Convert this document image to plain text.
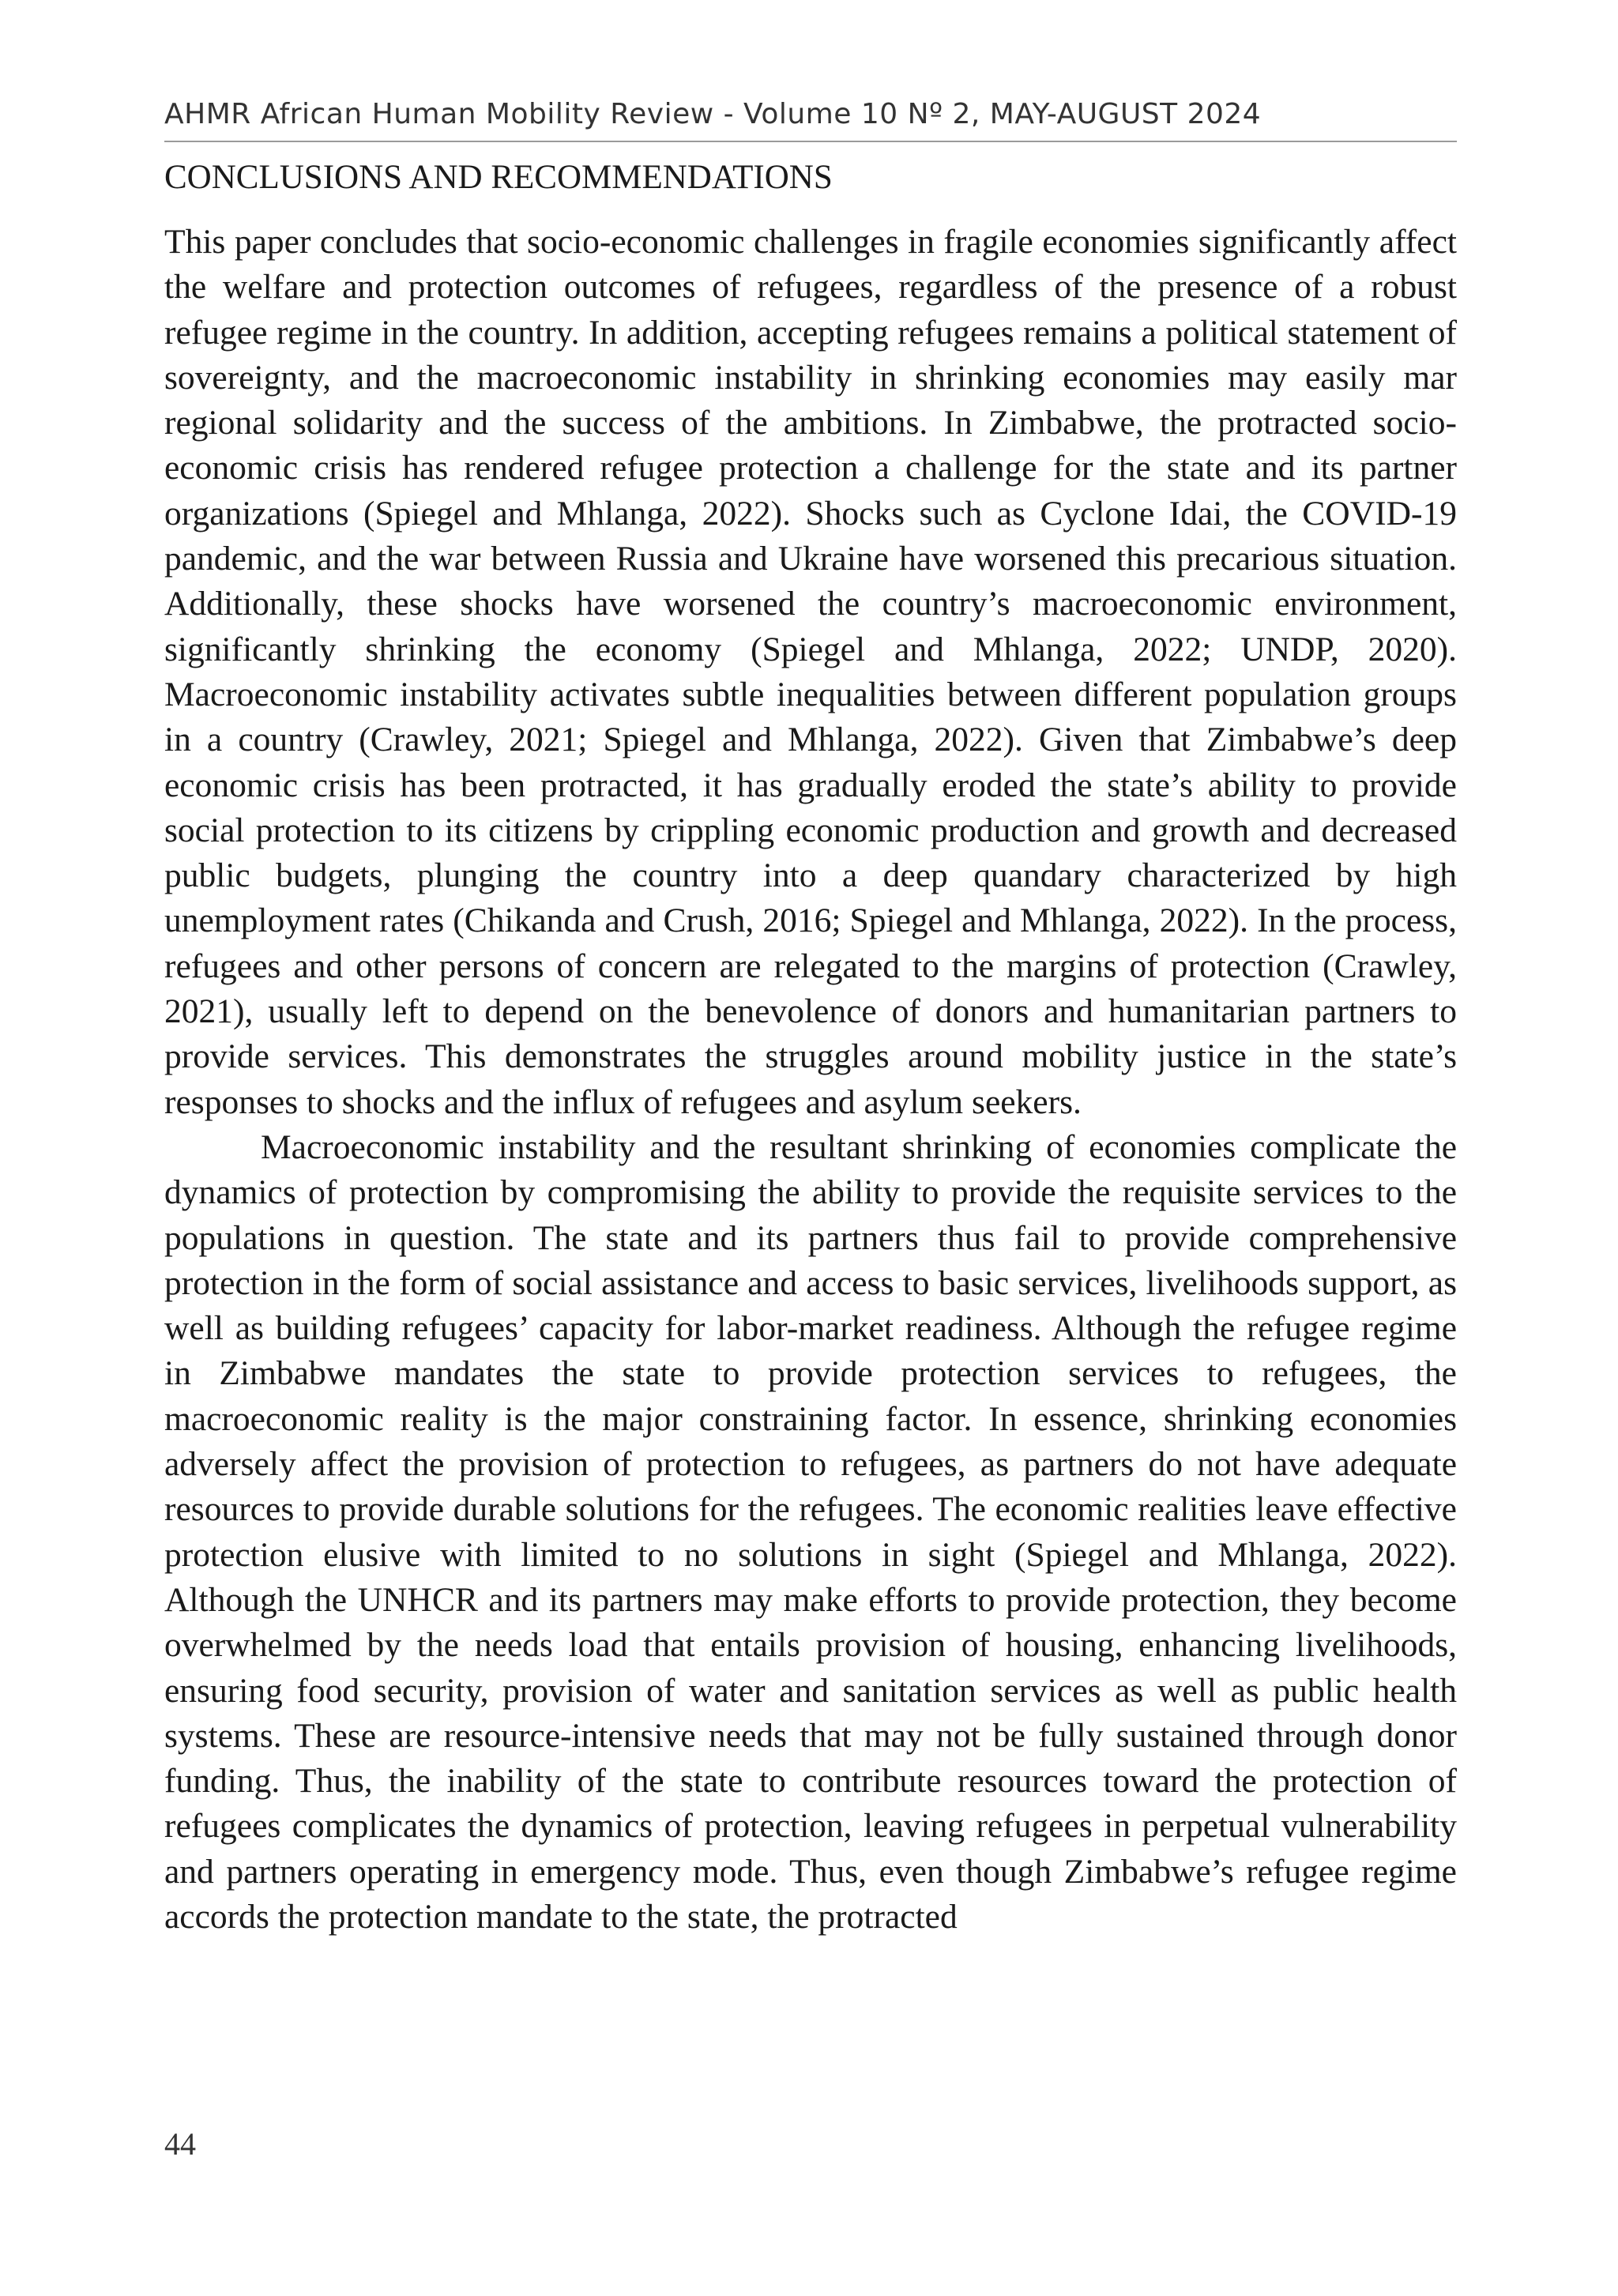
AHMR African Human Mobility Review - Volume 10 Nº 2, MAY-AUGUST 2024
CONCLUSIONS AND RECOMMENDATIONS

This paper concludes that socio-economic challenges in fragile economies significantly affect the welfare and protection outcomes of refugees, regardless of the presence of a robust refugee regime in the country. In addition, accepting refugees remains a political statement of sovereignty, and the macroeconomic instability in shrinking economies may easily mar regional solidarity and the success of the ambitions. In Zimbabwe, the protracted socio-economic crisis has rendered refugee protection a challenge for the state and its partner organizations (Spiegel and Mhlanga, 2022). Shocks such as Cyclone Idai, the COVID-19 pandemic, and the war between Russia and Ukraine have worsened this precarious situation. Additionally, these shocks have worsened the country’s macroeconomic environment, significantly shrinking the economy (Spiegel and Mhlanga, 2022; UNDP, 2020). Macroeconomic instability activates subtle inequalities between different population groups in a country (Crawley, 2021; Spiegel and Mhlanga, 2022). Given that Zimbabwe’s deep economic crisis has been protracted, it has gradually eroded the state’s ability to provide social protection to its citizens by crippling economic production and growth and decreased public budgets, plunging the country into a deep quandary characterized by high unemployment rates (Chikanda and Crush, 2016; Spiegel and Mhlanga, 2022). In the process, refugees and other persons of concern are relegated to the margins of protection (Crawley, 2021), usually left to depend on the benevolence of donors and humanitarian partners to provide services. This demonstrates the struggles around mobility justice in the state’s responses to shocks and the influx of refugees and asylum seekers.

Macroeconomic instability and the resultant shrinking of economies complicate the dynamics of protection by compromising the ability to provide the requisite services to the populations in question. The state and its partners thus fail to provide comprehensive protection in the form of social assistance and access to basic services, livelihoods support, as well as building refugees’ capacity for labor-market readiness. Although the refugee regime in Zimbabwe mandates the state to provide protection services to refugees, the macroeconomic reality is the major constraining factor. In essence, shrinking economies adversely affect the provision of protection to refugees, as partners do not have adequate resources to provide durable solutions for the refugees. The economic realities leave effective protection elusive with limited to no solutions in sight (Spiegel and Mhlanga, 2022). Although the UNHCR and its partners may make efforts to provide protection, they become overwhelmed by the needs load that entails provision of housing, enhancing livelihoods, ensuring food security, provision of water and sanitation services as well as public health systems. These are resource-intensive needs that may not be fully sustained through donor funding. Thus, the inability of the state to contribute resources toward the protection of refugees complicates the dynamics of protection, leaving refugees in perpetual vulnerability and partners operating in emergency mode. Thus, even though Zimbabwe’s refugee regime accords the protection mandate to the state, the protracted

44
